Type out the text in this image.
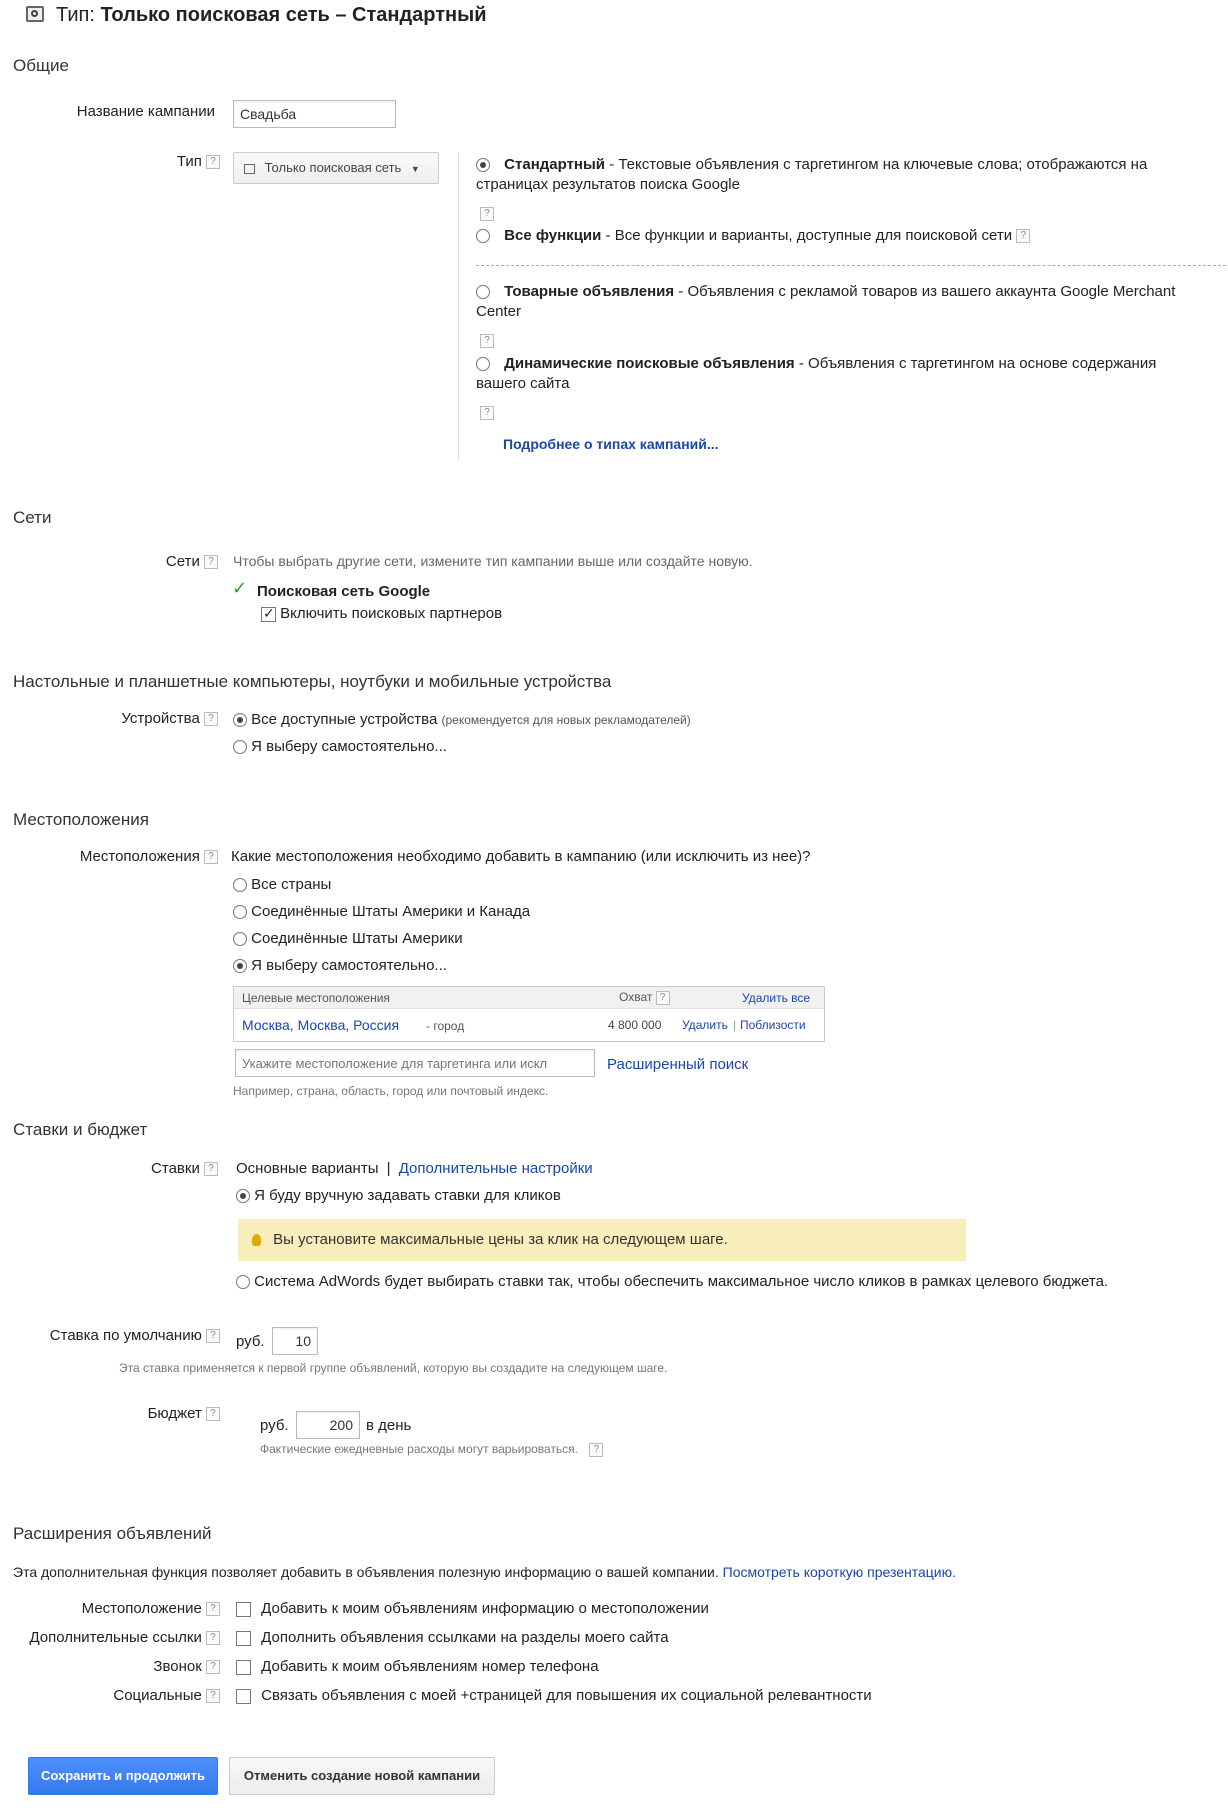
Тип: Только поисковая сеть – Стандартный
Общие
Название кампании
Свадьба
Тип ?	Только поисковая сеть ▼	Стандартный - Текстовые объявления с таргетингом на ключевые слова; отображаются на
страницах результатов поиска Google
?
Все функции - Все функции и варианты, доступные для поисковой сети ?
Товарные объявления - Объявления с рекламой товаров из вашего аккаунта Google Merchant
Center
?
Динамические поисковые объявления - Объявления с таргетингом на основе содержания
вашего сайта
?
Подробнее о типах кампаний...
Сети
Сети ?	Чтобы выбрать другие сети, измените тип кампании выше или создайте новую.
✓ Поисковая сеть Google
✓ Включить поисковых партнеров
Настольные и планшетные компьютеры, ноутбуки и мобильные устройства
Устройства ?	Все доступные устройства (рекомендуется для новых рекламодателей)
Я выберу самостоятельно...
Местоположения
Местоположения ? Какие местоположения необходимо добавить в кампанию (или исключить из нее)?
Все страны
Соединённые Штаты Америки и Канада
Соединённые Штаты Америки
Я выберу самостоятельно...
Целевые местоположения	Охват ?	Удалить все
Москва, Москва, Россия - город	4 800 000 Удалить | Поблизости
Укажите местоположение для таргетинга или искл
Расширенный поиск
Например, страна, область, город или почтовый индекс.
Ставки и бюджет
Ставки ? Основные варианты | Дополнительные настройки
Я буду вручную задавать ставки для кликов
Вы установите максимальные цены за клик на следующем шаге.
Система AdWords будет выбирать ставки так, чтобы обеспечить максимальное число кликов в рамках целевого бюджета.
Ставка по умолчанию ? руб.
10
Эта ставка применяется к первой группе объявлений, которую вы создадите на следующем шаге.
Бюджет ?
руб.
200	в день
Фактические ежедневные расходы могут варьироваться. ?
Расширения объявлений
Эта дополнительная функция позволяет добавить в объявления полезную информацию о вашей компании. Посмотреть короткую презентацию.
Местоположение ?	Добавить к моим объявлениям информацию о местоположении
Дополнительные ссылки ?	Дополнить объявления ссылками на разделы моего сайта
Звонок ?	Добавить к моим объявлениям номер телефона
Социальные ?	Связать объявления с моей +страницей для повышения их социальной релевантности
Сохранить и продолжить	Отменить создание новой кампании
